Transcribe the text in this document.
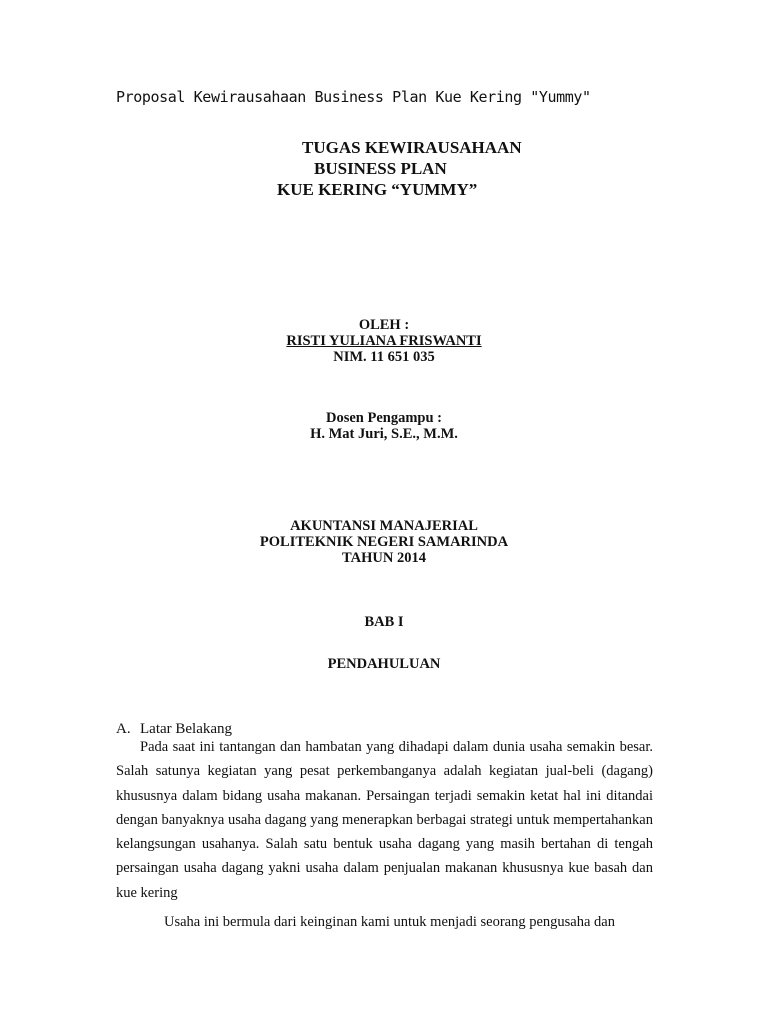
Proposal Kewirausahaan Business Plan Kue Kering "Yummy"
TUGAS KEWIRAUSAHAAN
BUSINESS PLAN
KUE KERING “YUMMY”
OLEH :
RISTI YULIANA FRISWANTI
NIM. 11 651 035
Dosen Pengampu :
H. Mat Juri, S.E., M.M.
AKUNTANSI MANAJERIAL
POLITEKNIK NEGERI SAMARINDA
TAHUN 2014
BAB I
PENDAHULUAN
A. Latar Belakang
Pada saat ini tantangan dan hambatan yang dihadapi dalam dunia usaha semakin besar. Salah satunya kegiatan yang pesat perkembanganya adalah kegiatan jual-beli (dagang) khususnya dalam bidang usaha makanan. Persaingan terjadi semakin ketat hal ini ditandai dengan banyaknya usaha dagang yang menerapkan berbagai strategi untuk mempertahankan kelangsungan usahanya. Salah satu bentuk usaha dagang yang masih bertahan di tengah persaingan usaha dagang yakni usaha dalam penjualan makanan khususnya kue basah dan kue kering
Usaha ini bermula dari keinginan kami untuk menjadi seorang pengusaha dan
